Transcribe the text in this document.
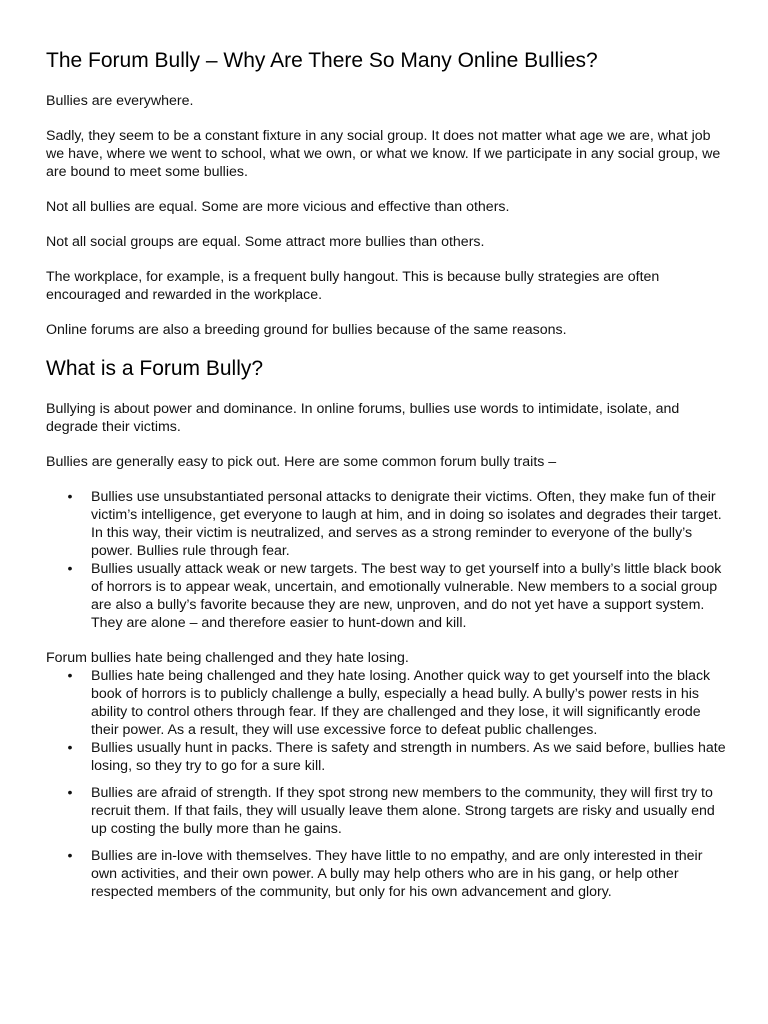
The Forum Bully – Why Are There So Many Online Bullies?

Bullies are everywhere.

Sadly, they seem to be a constant fixture in any social group. It does not matter what age we are, what job we have, where we went to school, what we own, or what we know. If we participate in any social group, we are bound to meet some bullies.

Not all bullies are equal. Some are more vicious and effective than others.

Not all social groups are equal. Some attract more bullies than others.

The workplace, for example, is a frequent bully hangout. This is because bully strategies are often encouraged and rewarded in the workplace.

Online forums are also a breeding ground for bullies because of the same reasons.

What is a Forum Bully?

Bullying is about power and dominance. In online forums, bullies use words to intimidate, isolate, and degrade their victims.

Bullies are generally easy to pick out. Here are some common forum bully traits –

• Bullies use unsubstantiated personal attacks to denigrate their victims. Often, they make fun of their victim’s intelligence, get everyone to laugh at him, and in doing so isolates and degrades their target. In this way, their victim is neutralized, and serves as a strong reminder to everyone of the bully’s power. Bullies rule through fear.
• Bullies usually attack weak or new targets. The best way to get yourself into a bully’s little black book of horrors is to appear weak, uncertain, and emotionally vulnerable. New members to a social group are also a bully’s favorite because they are new, unproven, and do not yet have a support system. They are alone – and therefore easier to hunt-down and kill.

Forum bullies hate being challenged and they hate losing.

• Bullies hate being challenged and they hate losing. Another quick way to get yourself into the black book of horrors is to publicly challenge a bully, especially a head bully. A bully’s power rests in his ability to control others through fear. If they are challenged and they lose, it will significantly erode their power. As a result, they will use excessive force to defeat public challenges.
• Bullies usually hunt in packs. There is safety and strength in numbers. As we said before, bullies hate losing, so they try to go for a sure kill.
• Bullies are afraid of strength. If they spot strong new members to the community, they will first try to recruit them. If that fails, they will usually leave them alone. Strong targets are risky and usually end up costing the bully more than he gains.
• Bullies are in-love with themselves. They have little to no empathy, and are only interested in their own activities, and their own power. A bully may help others who are in his gang, or help other respected members of the community, but only for his own advancement and glory.
